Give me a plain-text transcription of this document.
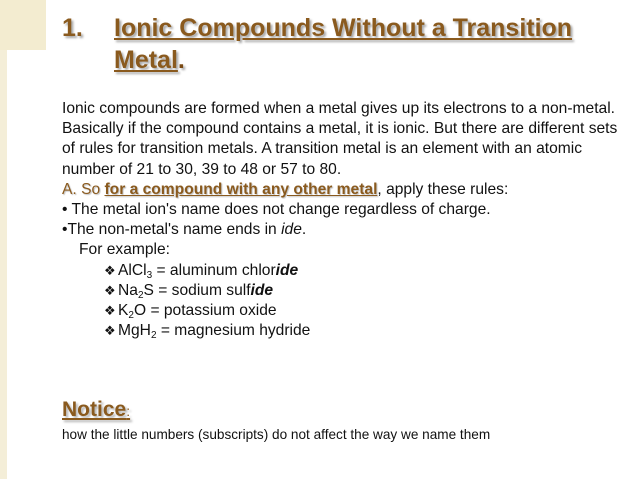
1. Ionic Compounds Without a Transition
Metal.

Ionic compounds are formed when a metal gives up its electrons to a non-metal. Basically if the compound contains a metal, it is ionic. But there are different sets of rules for transition metals. A transition metal is an element with an atomic number of 21 to 30, 39 to 48 or 57 to 80.

A. So for a compound with any other metal, apply these rules:

• The metal ion's name does not change regardless of charge.

•The non-metal's name ends in ide.

For example:

❖ AlCl$_3$ = aluminum chloride

❖ $Na_2S$ = sodium sulfide

❖ $K_2O$ = potassium oxide

❖ MgH$_2$ = magnesium hydride

Notice:
how the little numbers (subscripts) do not affect the way we name them
